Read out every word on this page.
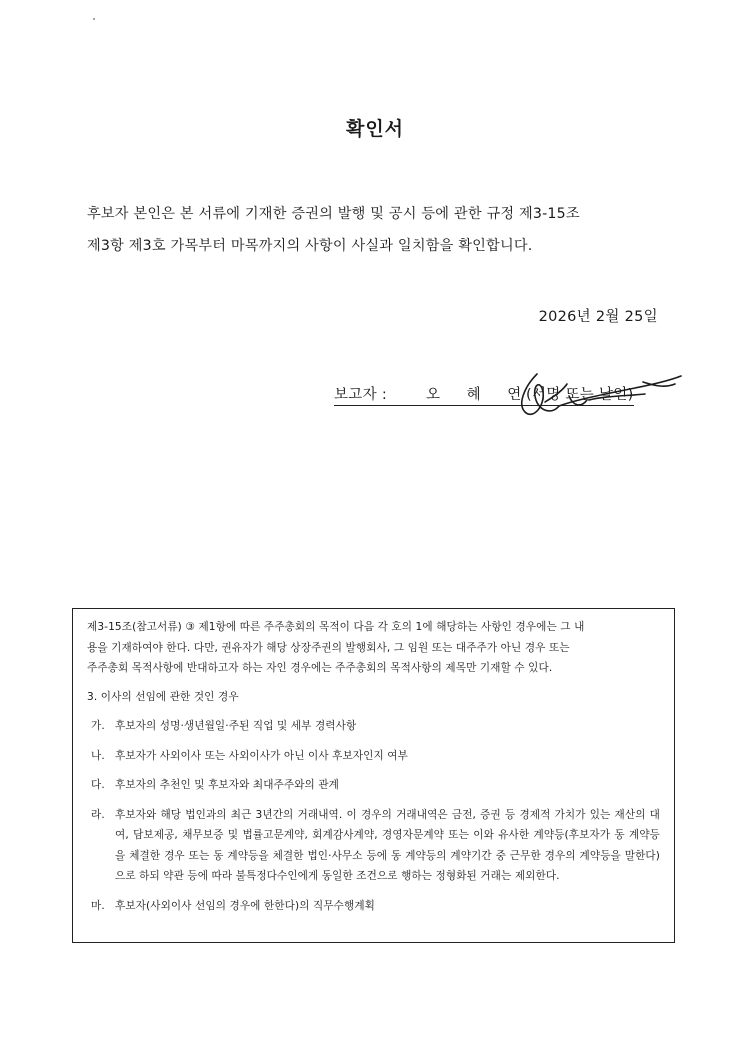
확인서

후보자 본인은 본 서류에 기재한 증권의 발행 및 공시 등에 관한 규정 제3-15조

제3항 제3호 가목부터 마목까지의 사항이 사실과 일치함을 확인합니다.

2026년 2월 25일
보고자 :	오 혜 연(서명 또는 날인)

제3-15조(참고서류) ③ 제1항에 따른 주주총회의 목적이 다음 각 호의 1에 해당하는 사항인 경우에는 그 내

용을 기재하여야 한다. 다만, 권유자가 해당 상장주권의 발행회사, 그 임원 또는 대주주가 아닌 경우 또는

주주총회 목적사항에 반대하고자 하는 자인 경우에는 주주총회의 목적사항의 제목만 기재할 수 있다.

3. 이사의 선임에 관한 것인 경우

가. 후보자의 성명·생년월일·주된 직업 및 세부 경력사항

나. 후보자가 사외이사 또는 사외이사가 아닌 이사 후보자인지 여부

다. 후보자의 추천인 및 후보자와 최대주주와의 관계

라. 후보자와 해당 법인과의 최근 3년간의 거래내역. 이 경우의 거래내역은 금전, 증권 등 경제적 가치가 있는 재산의 대여, 담보제공, 채무보증 및 법률고문계약, 회계감사계약, 경영자문계약 또는 이와 유사한 계약등(후보자가 동 계약등을 체결한 경우 또는 동 계약등을 체결한 법인·사무소 등에 동 계약등의 계약기간 중 근무한 경우의 계약등을 말한다)으로 하되 약관 등에 따라 불특정다수인에게 동일한 조건으로 행하는 정형화된 거래는 제외한다.

마. 후보자(사외이사 선임의 경우에 한한다)의 직무수행계획
